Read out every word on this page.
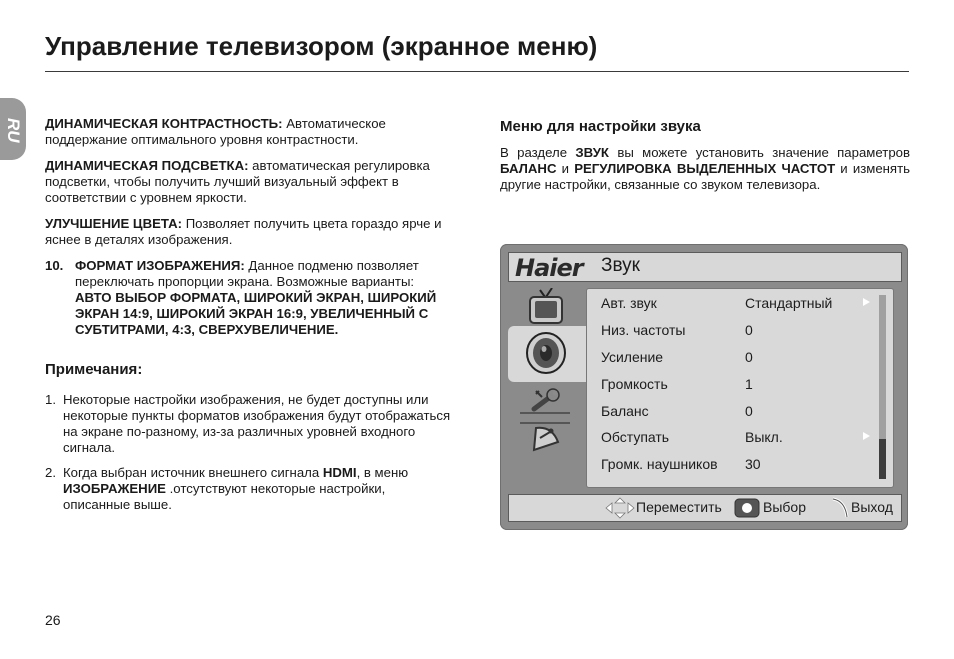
Управление телевизором (экранное меню)
RU ДИНАМИЧЕСКАЯ КОНТРАСТНОСТЬ: Автоматическое поддержание оптимального уровня контрастности.

ДИНАМИЧЕСКАЯ ПОДСВЕТКА: автоматическая регулировка подсветки, чтобы получить лучший визуальный эффект в соответствии с уровнем яркости.

УЛУЧШЕНИЕ ЦВЕТА: Позволяет получить цвета гораздо ярче и яснее в деталях изображения.

10. ФОРМАТ ИЗОБРАЖЕНИЯ: Данное подменю позволяет переключать пропорции экрана. Возможные варианты: АВТО ВЫБОР ФОРМАТА, ШИРОКИЙ ЭКРАН, ШИРОКИЙ ЭКРАН 14:9, ШИРОКИЙ ЭКРАН 16:9, УВЕЛИЧЕННЫЙ С СУБТИТРАМИ, 4:3, СВЕРХУВЕЛИЧЕНИЕ.
Примечания:
1. Некоторые настройки изображения, не будет доступны или некоторые пункты форматов изображения будут отображаться на экране по-разному, из-за различных уровней входного сигнала.
2. Когда выбран источник внешнего сигнала HDMI, в меню ИЗОБРАЖЕНИЕ .отсутствуют некоторые настройки, описанные выше.
Меню для настройки звука

В разделе ЗВУК вы можете установить значение параметров БАЛАНС и РЕГУЛИРОВКА ВЫДЕЛЕННЫХ ЧАСТОТ и изменять другие настройки, связанные со звуком телевизора.

Haier Звук
Авт. звук	Стандартный
Низ. частоты	0
Усиление	0
Громкость	1
Баланс	0
Обступать	Выкл.
Громк. наушников 30
Переместить	Выбор	Выход
26
